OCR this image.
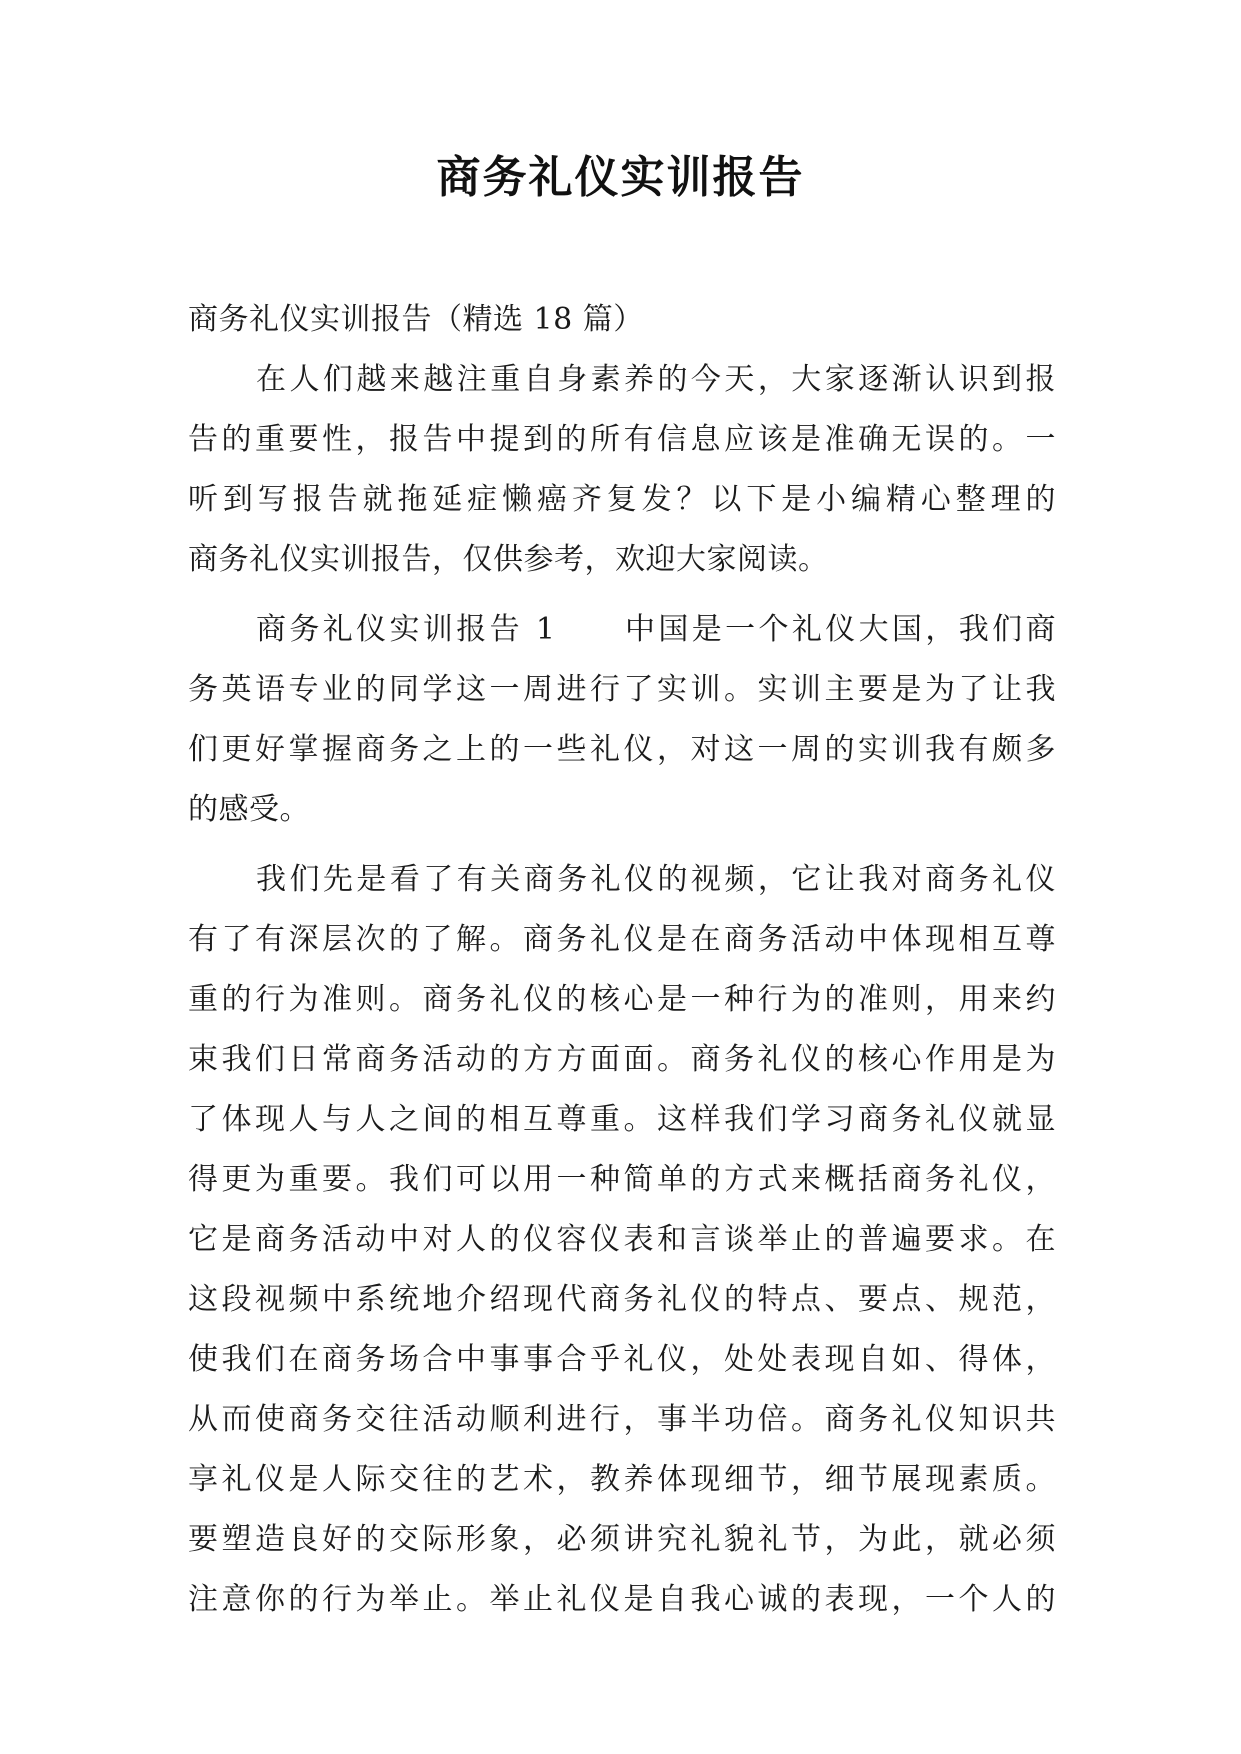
商务礼仪实训报告
商务礼仪实训报告（精选 18 篇）
在人们越来越注重自身素养的今天，大家逐渐认识到报
告的重要性，报告中提到的所有信息应该是准确无误的。一
听到写报告就拖延症懒癌齐复发？以下是小编精心整理的
商务礼仪实训报告，仅供参考，欢迎大家阅读。
商务礼仪实训报告 1　　中国是一个礼仪大国，我们商
务英语专业的同学这一周进行了实训。实训主要是为了让我
们更好掌握商务之上的一些礼仪，对这一周的实训我有颇多
的感受。
我们先是看了有关商务礼仪的视频，它让我对商务礼仪
有了有深层次的了解。商务礼仪是在商务活动中体现相互尊
重的行为准则。商务礼仪的核心是一种行为的准则，用来约
束我们日常商务活动的方方面面。商务礼仪的核心作用是为
了体现人与人之间的相互尊重。这样我们学习商务礼仪就显
得更为重要。我们可以用一种简单的方式来概括商务礼仪，
它是商务活动中对人的仪容仪表和言谈举止的普遍要求。在
这段视频中系统地介绍现代商务礼仪的特点、要点、规范，
使我们在商务场合中事事合乎礼仪，处处表现自如、得体，
从而使商务交往活动顺利进行，事半功倍。商务礼仪知识共
享礼仪是人际交往的艺术，教养体现细节，细节展现素质。
要塑造良好的交际形象，必须讲究礼貌礼节，为此，就必须
注意你的行为举止。举止礼仪是自我心诚的表现，一个人的
